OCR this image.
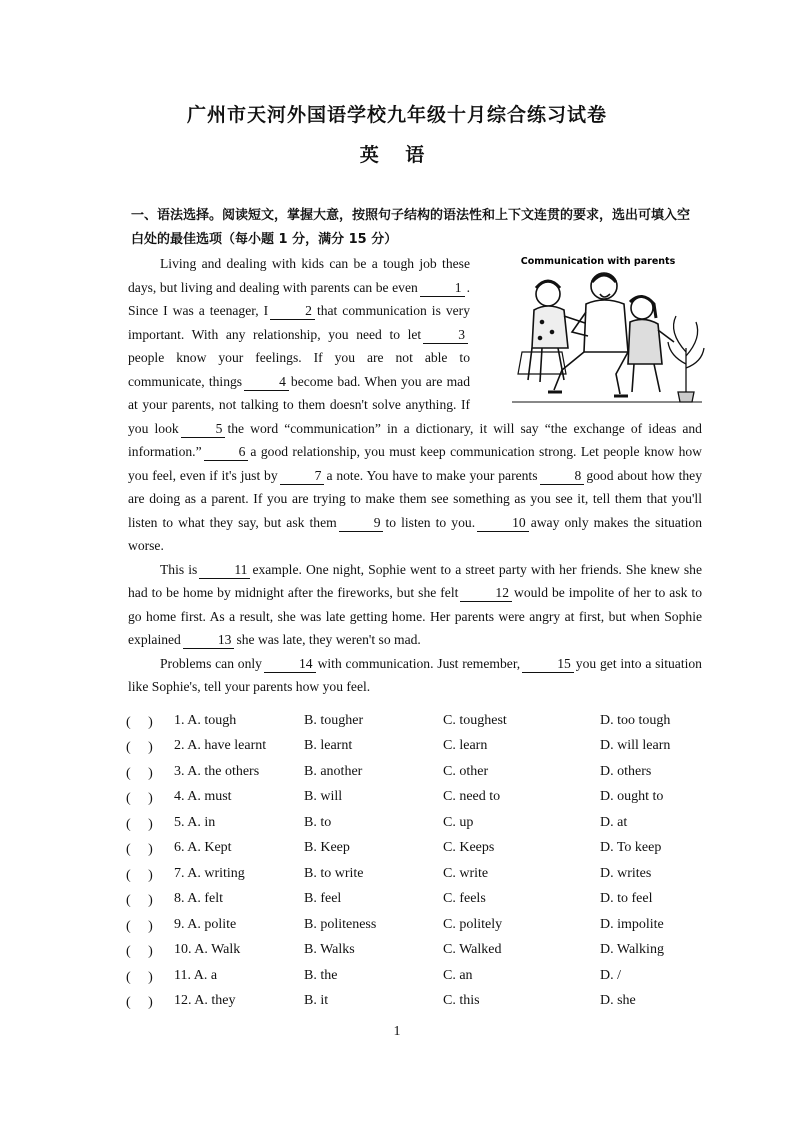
广州市天河外国语学校九年级十月综合练习试卷
英 语
一、语法选择。阅读短文，掌握大意，按照句子结构的语法性和上下文连贯的要求，选出可填入空白处的最佳选项（每小题 1 分，满分 15 分）
Communication with parents

Living and dealing with kids can be a tough job these days, but living and dealing with parents can be even	1 . Since I was a teenager, I	2 that communication is very important. With any relationship, you need to let	3people know your feelings. If you are not able to communicate, things	4 become bad. When you are mad at your parents, not talking to them doesn't solve anything. If you look	5 the word “communication” in a dictionary, it will say “the exchange of ideas and information.”	6 a good relationship, you must keep communication strong. Let people know how you feel, even if it's just by	7 a note. You have to make your parents	8 good about how they are doing as a parent. If you are trying to make them see something as you see it, tell them that you'll listen to what they say, but ask them	9 to listen to you.	10 away only makes the situation worse.

This is	11 example. One night, Sophie went to a street party with her friends. She knew she had to be home by midnight after the fireworks, but she felt	12 would be impolite of her to ask to go home first. As a result, she was late getting home. Her parents were angry at first, but when Sophie explained	13 she was late, they weren't so mad.

Problems can only	14 with communication. Just remember,	15 you get into a situation like Sophie's, tell your parents how you feel.

(　 )	1. A. tough	B. tougher	C. toughest	D. too tough
(　 )	2. A. have learnt	B. learnt	C. learn	D. will learn
(　 )	3. A. the others	B. another	C. other	D. others
(　 )	4. A. must	B. will	C. need to	D. ought to
(　 )	5. A. in	B. to	C. up	D. at
(　 )	6. A. Kept	B. Keep	C. Keeps	D. To keep
(　 )	7. A. writing	B. to write	C. write	D. writes
(　 )	8. A. felt	B. feel	C. feels	D. to feel
(　 )	9. A. polite	B. politeness	C. politely	D. impolite
(　 )	10. A. Walk	B. Walks	C. Walked	D. Walking
(　 )	11. A. a	B. the	C. an	D. /
(　 )	12. A. they	B. it	C. this	D. she
1
